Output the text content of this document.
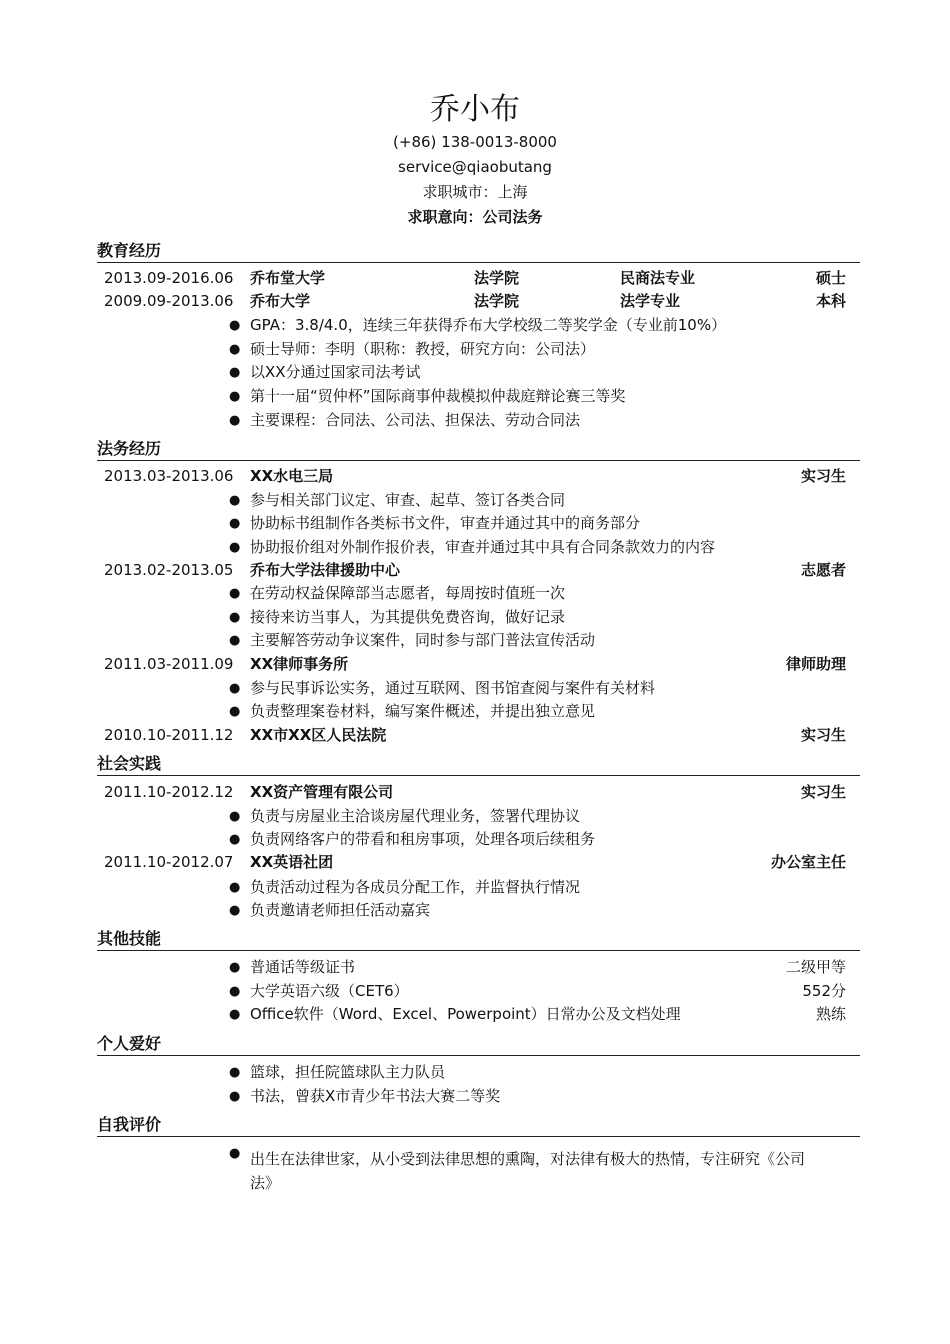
乔小布
(+86) 138-0013-8000
service@qiaobutang
求职城市：上海
求职意向：公司法务
教育经历
2013.09-2016.06 乔布堂大学	法学院	民商法专业	硕士
2009.09-2013.06 乔布大学	法学院	法学专业	本科
● GPA：3.8/4.0，连续三年获得乔布大学校级二等奖学金（专业前10%）
● 硕士导师：李明（职称：教授，研究方向：公司法）
● 以XX分通过国家司法考试
● 第十一届“贸仲杯”国际商事仲裁模拟仲裁庭辩论赛三等奖
● 主要课程：合同法、公司法、担保法、劳动合同法
法务经历
2013.03-2013.06 XX水电三局	实习生
● 参与相关部门议定、审查、起草、签订各类合同
● 协助标书组制作各类标书文件，审查并通过其中的商务部分
● 协助报价组对外制作报价表，审查并通过其中具有合同条款效力的内容
2013.02-2013.05 乔布大学法律援助中心	志愿者
● 在劳动权益保障部当志愿者，每周按时值班一次
● 接待来访当事人，为其提供免费咨询，做好记录
● 主要解答劳动争议案件，同时参与部门普法宣传活动
2011.03-2011.09 XX律师事务所	律师助理
● 参与民事诉讼实务，通过互联网、图书馆查阅与案件有关材料
● 负责整理案卷材料，编写案件概述，并提出独立意见
2010.10-2011.12 XX市XX区人民法院	实习生
社会实践
2011.10-2012.12 XX资产管理有限公司	实习生
● 负责与房屋业主洽谈房屋代理业务，签署代理协议
● 负责网络客户的带看和租房事项，处理各项后续租务
2011.10-2012.07 XX英语社团	办公室主任
● 负责活动过程为各成员分配工作，并监督执行情况
● 负责邀请老师担任活动嘉宾
其他技能
● 普通话等级证书	二级甲等
● 大学英语六级（CET6）	552分
● Office软件（Word、Excel、Powerpoint）日常办公及文档处理	熟练
个人爱好
● 篮球，担任院篮球队主力队员
● 书法，曾获X市青少年书法大赛二等奖
自我评价
● 出生在法律世家，从小受到法律思想的熏陶，对法律有极大的热情，专注研究《公司
法》
